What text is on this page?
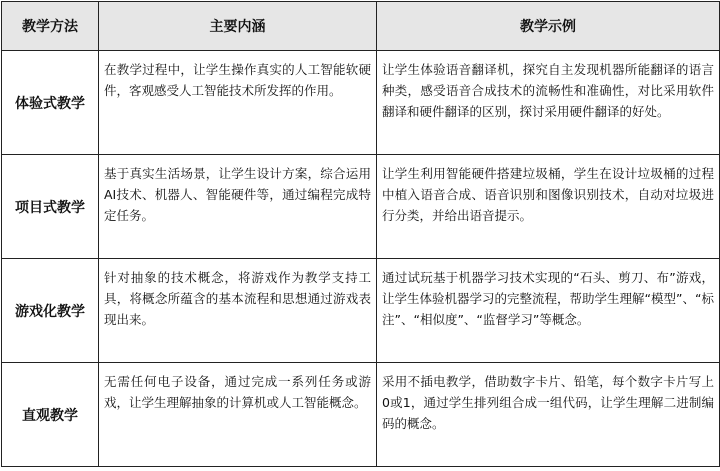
教学方法	主要内涵	教学示例
体验式教学	在教学过程中，让学生操作真实的人工智能软硬件，客观感受人工智能技术所发挥的作用。	让学生体验语音翻译机，探究自主发现机器所能翻译的语言种类，感受语音合成技术的流畅性和准确性，对比采用软件翻译和硬件翻译的区别，探讨采用硬件翻译的好处。
项目式教学	基于真实生活场景，让学生设计方案，综合运用AI技术、机器人、智能硬件等，通过编程完成特定任务。	让学生利用智能硬件搭建垃圾桶，学生在设计垃圾桶的过程中植入语音合成、语音识别和图像识别技术，自动对垃圾进行分类，并给出语音提示。
游戏化教学	针对抽象的技术概念，将游戏作为教学支持工具，将概念所蕴含的基本流程和思想通过游戏表现出来。	通过试玩基于机器学习技术实现的“石头、剪刀、布”游戏，让学生体验机器学习的完整流程，帮助学生理解“模型”、“标注”、“相似度”、“监督学习”等概念。
直观教学	无需任何电子设备，通过完成一系列任务或游戏，让学生理解抽象的计算机或人工智能概念。	采用不插电教学，借助数字卡片、铅笔，每个数字卡片写上0或1，通过学生排列组合成一组代码，让学生理解二进制编码的概念。
